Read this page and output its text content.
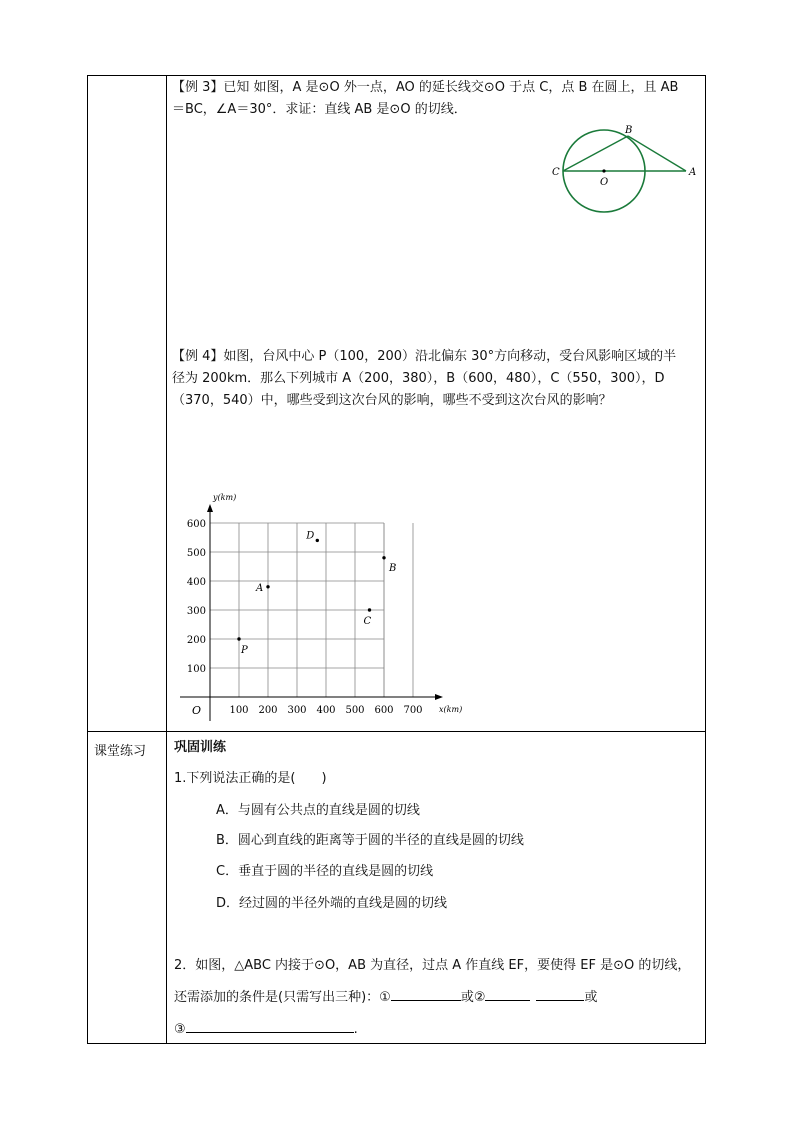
【例 3】已知 如图，A 是⊙O 外一点，AO 的延长线交⊙O 于点 C，点 B 在圆上，且 AB
＝BC，∠A＝30°．求证：直线 AB 是⊙O 的切线．
B
C
O
A
【例 4】如图，台风中心 P（100，200）沿北偏东 30°方向移动，受台风影响区域的半
径为 200km．那么下列城市 A（200，380），B（600，480），C（550，300），D
（370，540）中，哪些受到这次台风的影响，哪些不受到这次台风的影响？
100 200 300 400 500 600 700
100
200
300
400
500
600
O	x(km)
y(km)
P
A
D
B
C
课堂练习 巩固训练
1.下列说法正确的是(　　)
A．与圆有公共点的直线是圆的切线
B．圆心到直线的距离等于圆的半径的直线是圆的切线
C．垂直于圆的半径的直线是圆的切线
D．经过圆的半径外端的直线是圆的切线
2．如图，△ABC 内接于⊙O，AB 为直径，过点 A 作直线 EF，要使得 EF 是⊙O 的切线，
还需添加的条件是(只需写出三种)：①	或②	或
③	.
